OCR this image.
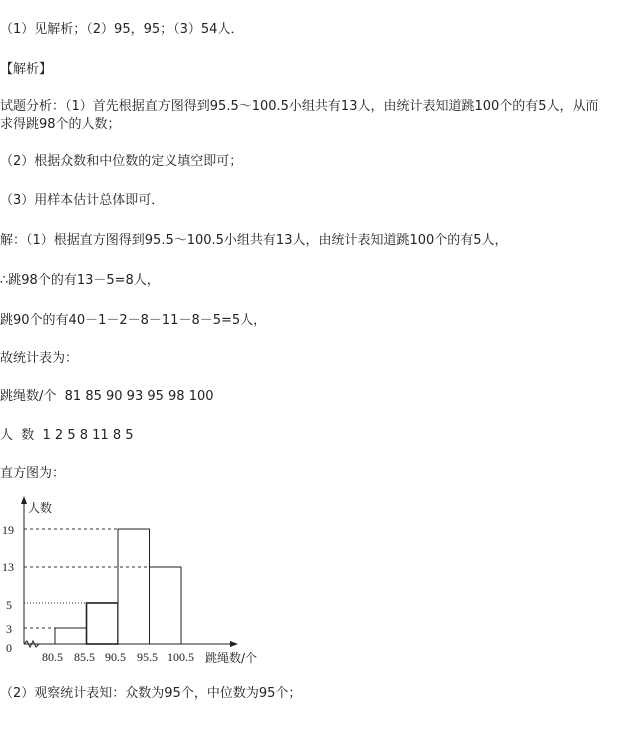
（1）见解析；（2）95，95；（3）54人．
【解析】
试题分析：（1）首先根据直方图得到95.5～100.5小组共有13人，由统计表知道跳100个的有5人，从而
求得跳98个的人数；
（2）根据众数和中位数的定义填空即可；
（3）用样本估计总体即可．
解：（1）根据直方图得到95.5～100.5小组共有13人，由统计表知道跳100个的有5人，
∴跳98个的有13－5=8人，
跳90个的有40－1－2－8－11－8－5=5人，
故统计表为：
跳绳数/个  81 85 90 93 95 98 100
人  数  1 2 5 8 11 8 5
直方图为：
人数
跳绳数/个
19
13
5
3
0
80.5 85.5 90.5 95.5 100.5
（2）观察统计表知：众数为95个，中位数为95个；
